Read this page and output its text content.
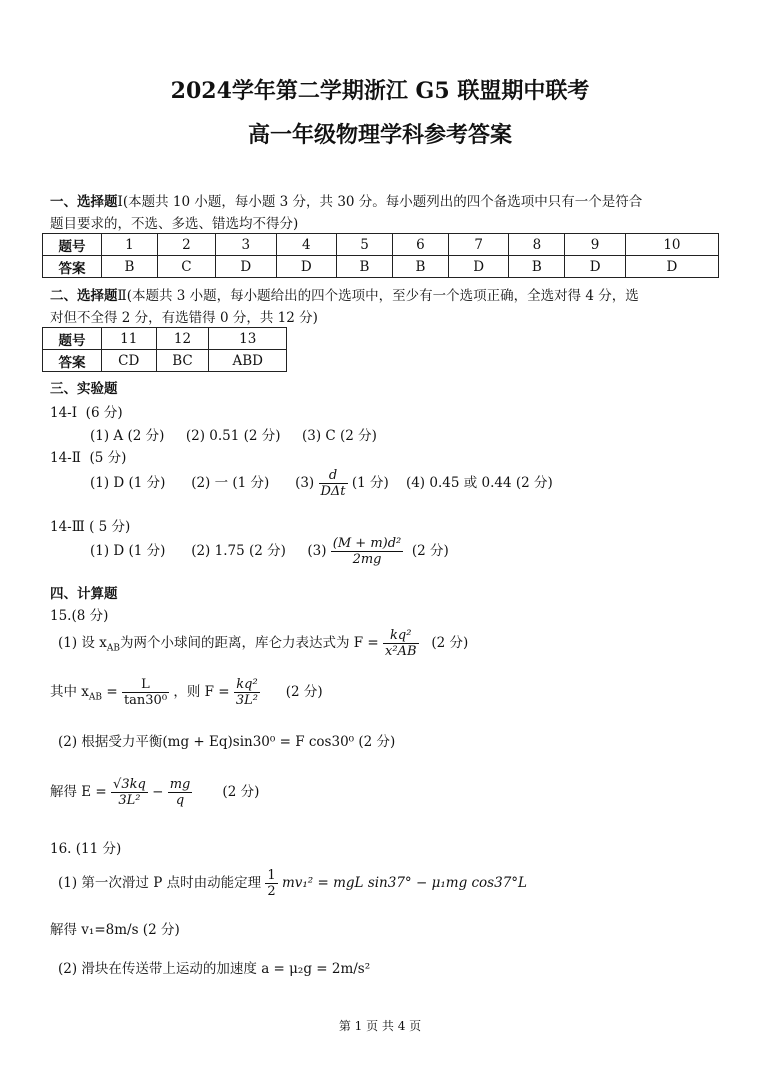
2024学年第二学期浙江 G5 联盟期中联考
高一年级物理学科参考答案
一、选择题Ⅰ(本题共 10 小题，每小题 3 分，共 30 分。每小题列出的四个备选项中只有一个是符合
题目要求的，不选、多选、错选均不得分)
题号	1	2	3	4	5	6	7	8	9	10
答案	B	C	D	D	B	B	D	B	D	D
二、选择题Ⅱ(本题共 3 小题，每小题给出的四个选项中，至少有一个选项正确，全选对得 4 分，选
对但不全得 2 分，有选错得 0 分，共 12 分)
题号	11	12	13
答案	CD	BC	ABD
三、实验题
14-Ⅰ (6 分)
(1) A (2 分) (2) 0.51 (2 分) (3) C (2 分)
14-Ⅱ (5 分)
(1) D (1 分) (2) 一 (1 分) $(3) \frac{d}{\text{DΔt}} (1$ 分) (4) 0.45 或 0.44 (2 分)
14-Ⅲ ( 5 分)
(1) D (1 分) (2) 1.75 (2 分) $(3) \frac{\text{(M + m)d²}}{2mg} (2$ 分)
四、计算题
15.(8 分)
(1) 设 $x_{AB}$为两个小球间的距离，库仑力表达式为 $F = \frac{\text{kq²}}{\text{x²AB}} (2$ 分)
其中 $x_{AB} = \frac{L}{\text{tan30⁰}}$ ，则 $F = \frac{\text{kq²}}{\text{3L²}} (2$ 分)
(2) 根据受力平衡(mg + Eq)sin30⁰ = F cos30⁰ (2 分)
解得 $E = \frac{√3kq}{\text{3L²}} - \frac{mg}{q} (2$ 分)
16. (11 分)
(1) 第一次滑过 P 点时由动能定理 $\frac{1}{2} mv_1^2$ = mgL sin37° − μ₁mg cos37°L
解得 v₁=8m/s (2 分)
(2) 滑块在传送带上运动的加速度 a = μ₂g = 2m/s²
第 1 页 共 4 页
